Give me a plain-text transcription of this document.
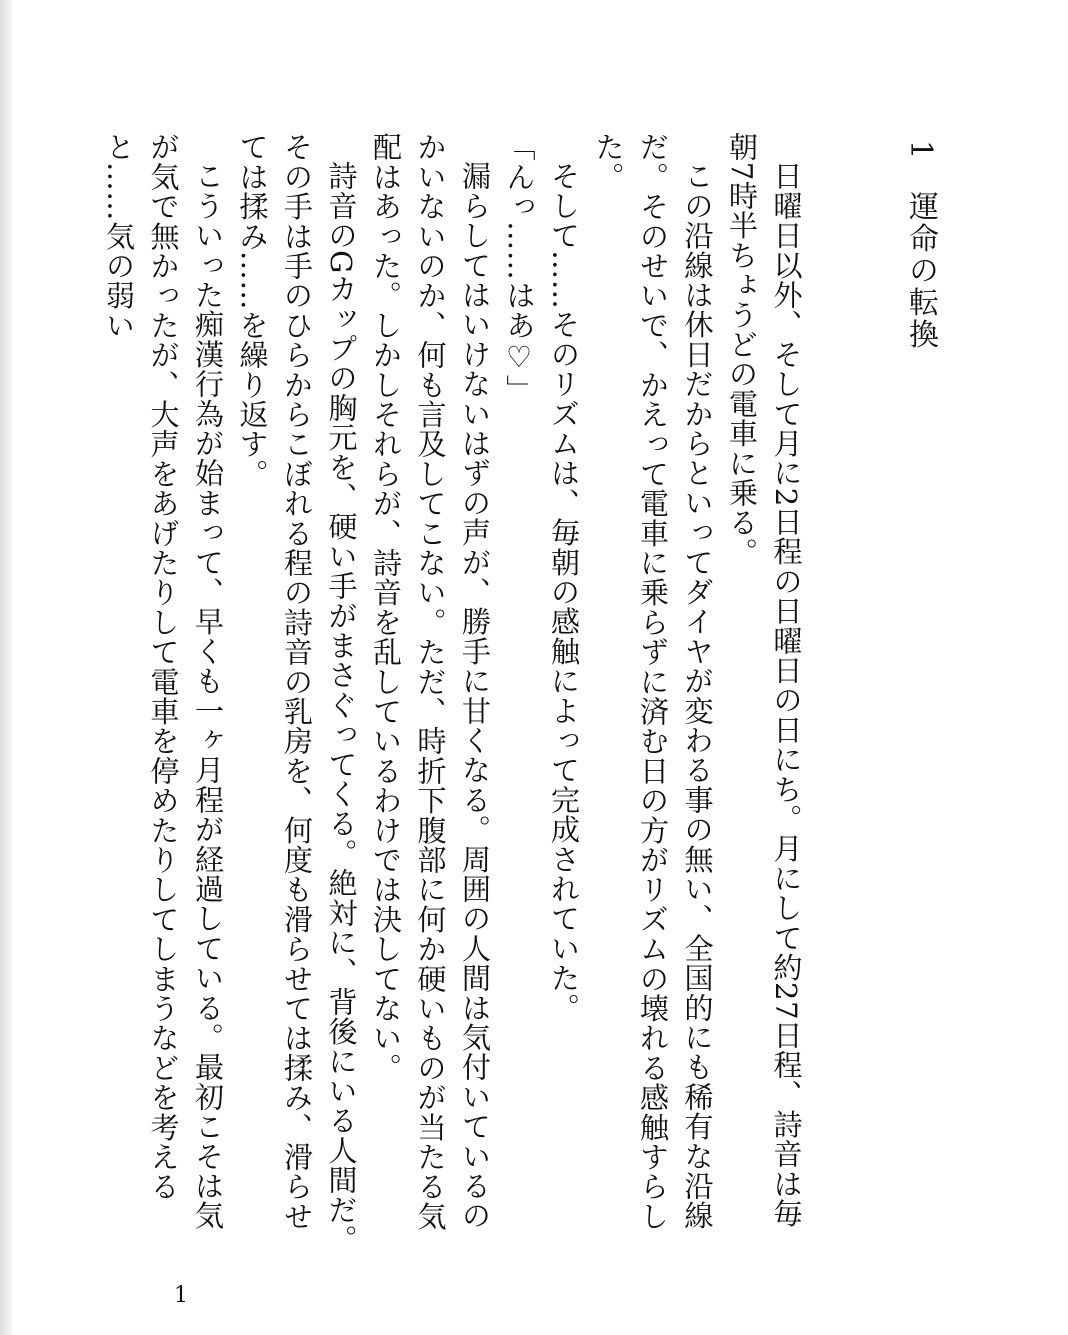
1 運命の転換

日曜日以外、そして月に2日程の日曜日の日にち。月にして約27日程、詩音は毎朝7時半ちょうどの電車に乗る。

この沿線は休日だからといってダイヤが変わる事の無い、全国的にも稀有な沿線だ。そのせいで、かえって電車に乗らずに済む日の方がリズムの壊れる感触すらした。

そして……そのリズムは、毎朝の感触によって完成されていた。

「んっ……はあ♡」

漏らしてはいけないはずの声が、勝手に甘くなる。周囲の人間は気付いているのかいないのか、何も言及してこない。ただ、時折下腹部に何か硬いものが当たる気配はあった。しかしそれらが、詩音を乱しているわけでは決してない。

詩音のGカップの胸元を、硬い手がまさぐってくる。絶対に、背後にいる人間だ。その手は手のひらからこぼれる程の詩音の乳房を、何度も滑らせては揉み、滑らせては揉み……を繰り返す。

こういった痴漢行為が始まって、早くも一ヶ月程が経過している。最初こそは気が気で無かったが、大声をあげたりして電車を停めたりしてしまうなどを考えると……気の弱い

1
